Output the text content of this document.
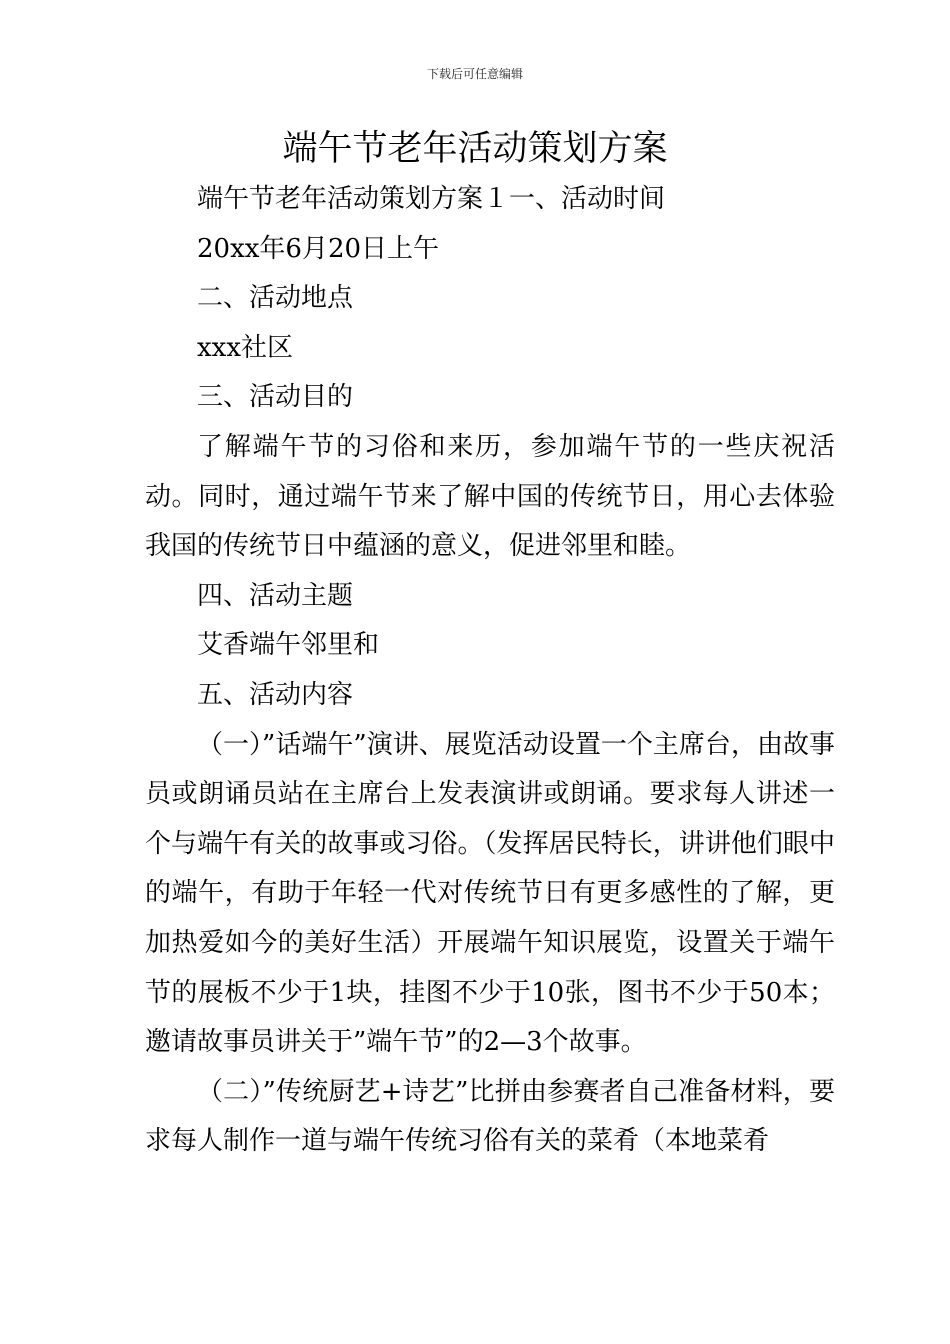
下载后可任意编辑
端午节老年活动策划方案

端午节老年活动策划方案１一、活动时间

20xx年6月20日上午

二、活动地点

xxx社区

三、活动目的

了解端午节的习俗和来历，参加端午节的一些庆祝活动。同时，通过端午节来了解中国的传统节日，用心去体验我国的传统节日中蕴涵的意义，促进邻里和睦。

四、活动主题

艾香端午邻里和

五、活动内容

（一）”话端午”演讲、展览活动设置一个主席台，由故事员或朗诵员站在主席台上发表演讲或朗诵。要求每人讲述一个与端午有关的故事或习俗。（发挥居民特长，讲讲他们眼中的端午，有助于年轻一代对传统节日有更多感性的了解，更加热爱如今的美好生活）开展端午知识展览，设置关于端午节的展板不少于1块，挂图不少于10张，图书不少于50本；邀请故事员讲关于”端午节”的2—3个故事。

（二）”传统厨艺+诗艺”比拼由参赛者自己准备材料，要求每人制作一道与端午传统习俗有关的菜肴（本地菜肴
